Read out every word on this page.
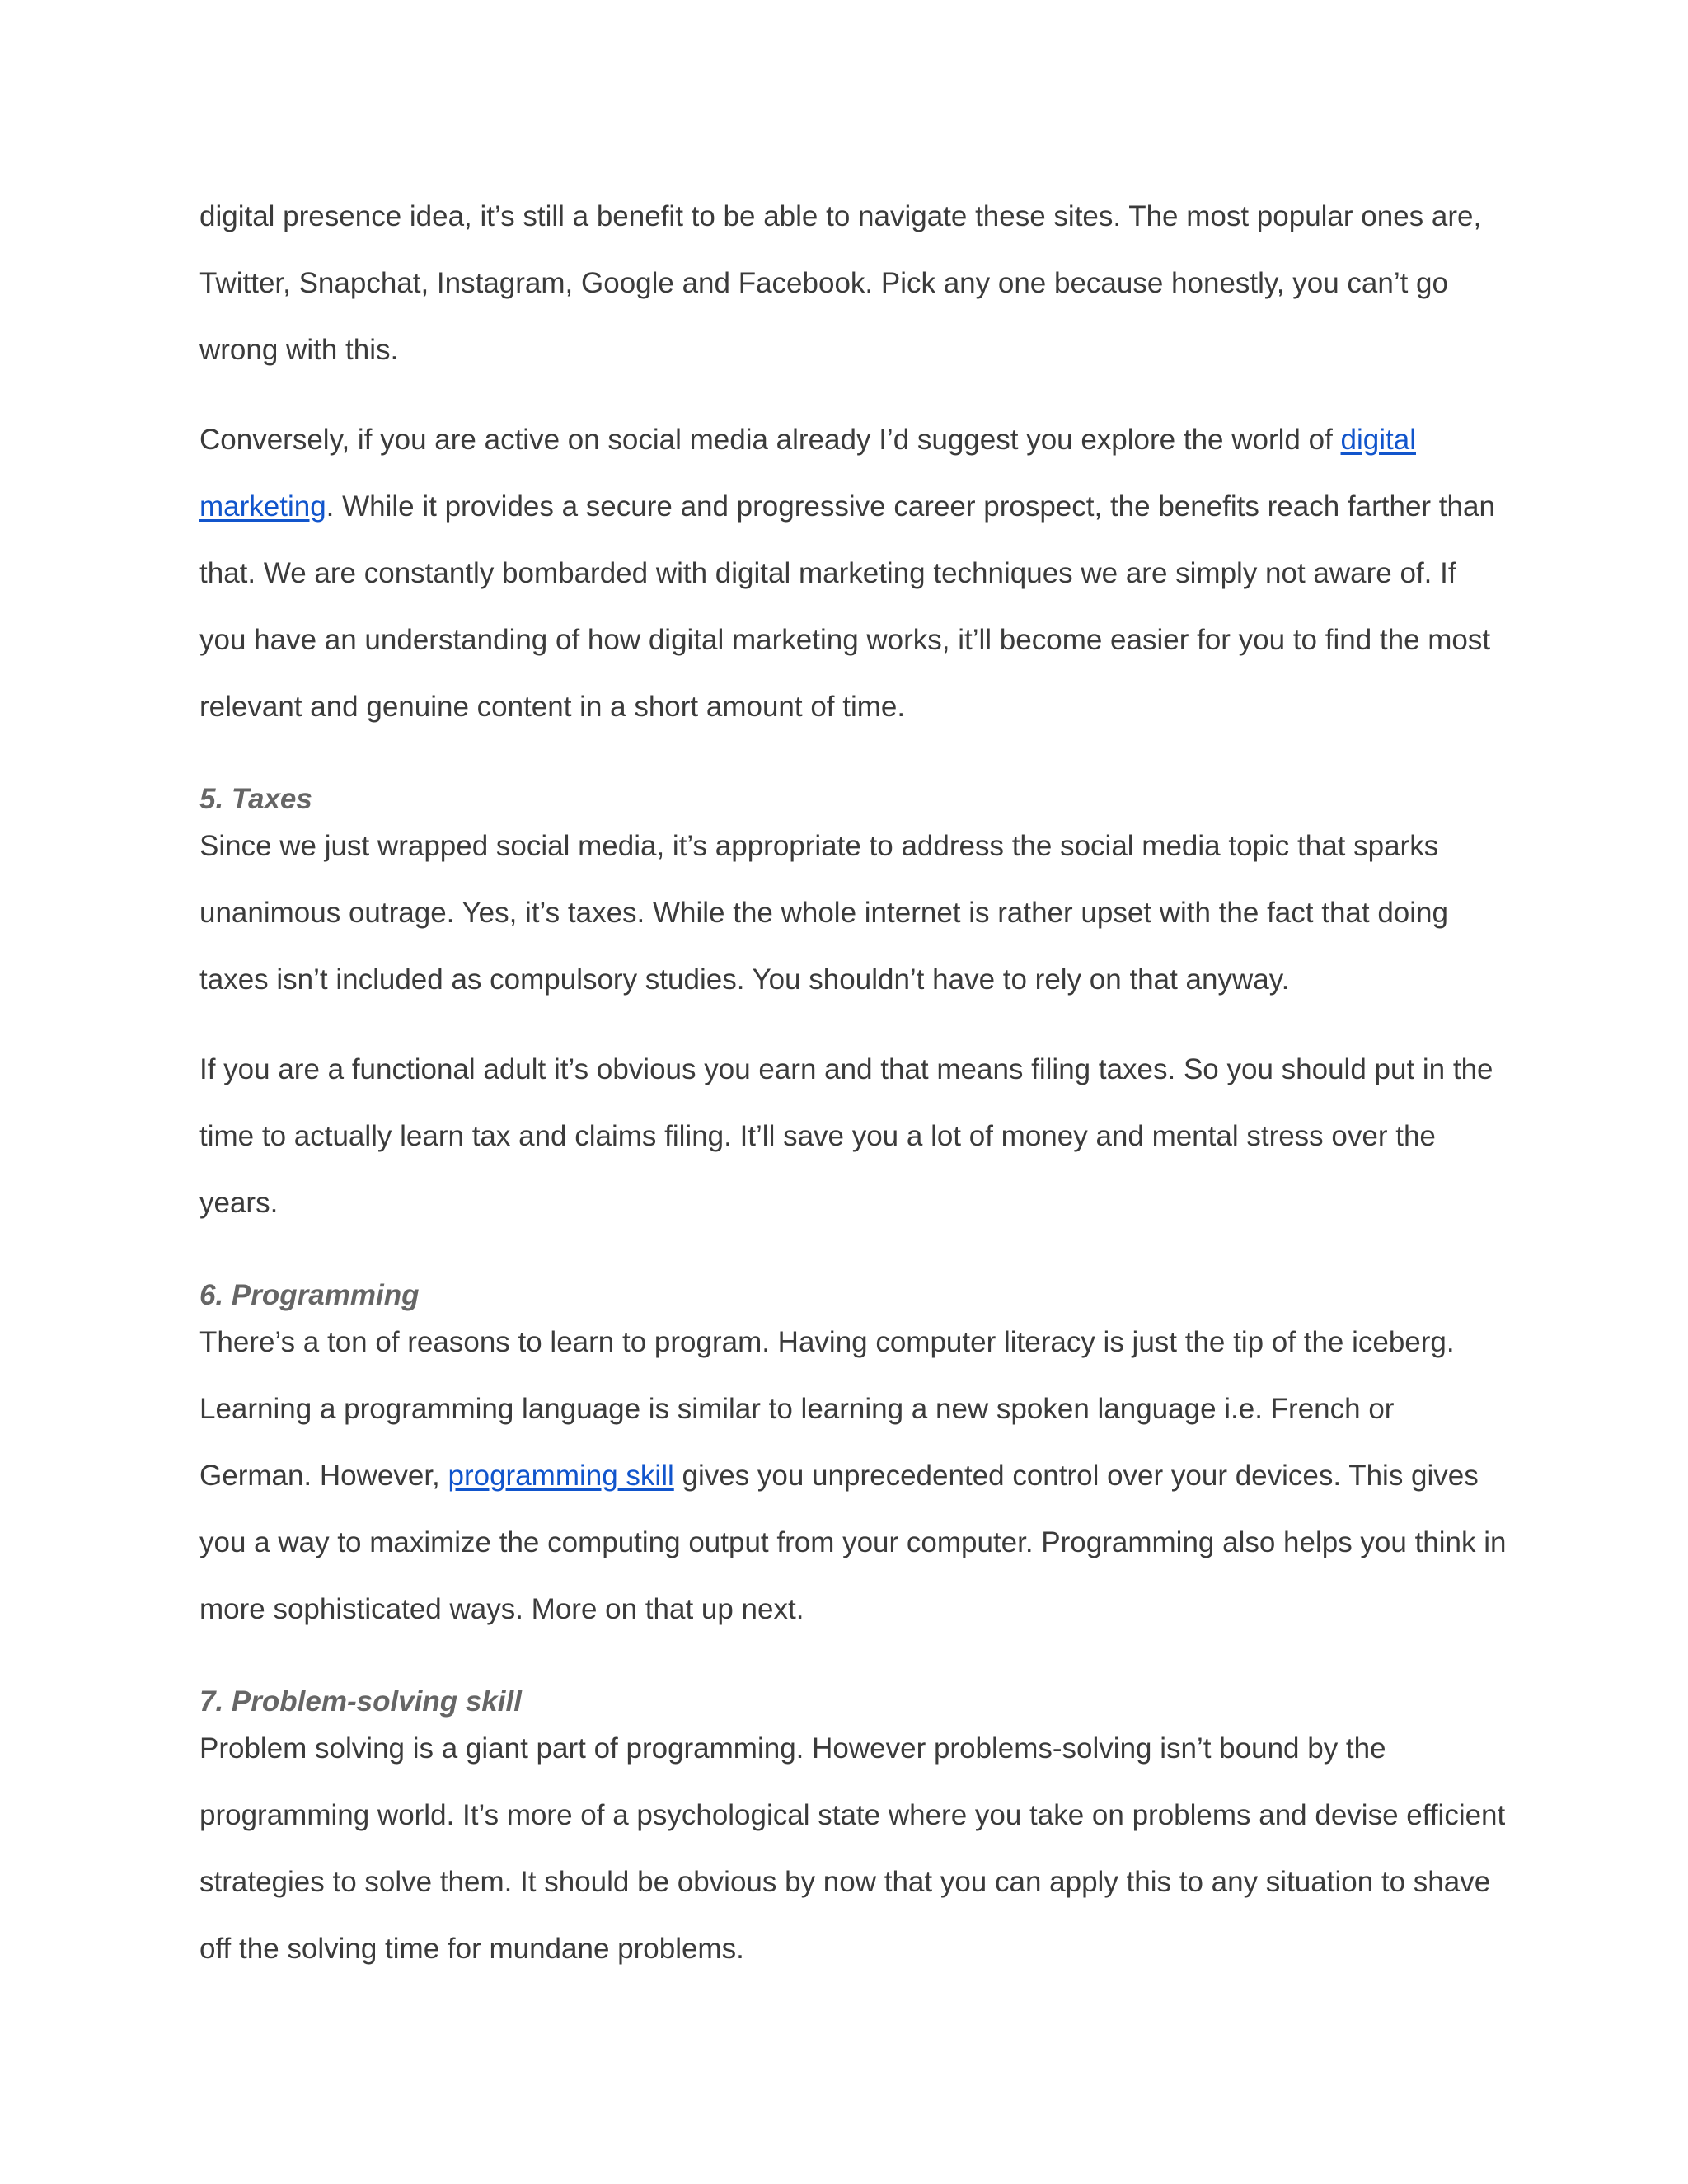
digital presence idea, it’s still a benefit to be able to navigate these sites. The most popular ones are, Twitter, Snapchat, Instagram, Google and Facebook. Pick any one because honestly, you can’t go wrong with this.

Conversely, if you are active on social media already I’d suggest you explore the world of digital marketing. While it provides a secure and progressive career prospect, the benefits reach farther than that. We are constantly bombarded with digital marketing techniques we are simply not aware of. If you have an understanding of how digital marketing works, it’ll become easier for you to find the most relevant and genuine content in a short amount of time.

5. Taxes

Since we just wrapped social media, it’s appropriate to address the social media topic that sparks unanimous outrage. Yes, it’s taxes. While the whole internet is rather upset with the fact that doing taxes isn’t included as compulsory studies. You shouldn’t have to rely on that anyway.

If you are a functional adult it’s obvious you earn and that means filing taxes. So you should put in the time to actually learn tax and claims filing. It’ll save you a lot of money and mental stress over the years.

6. Programming

There’s a ton of reasons to learn to program. Having computer literacy is just the tip of the iceberg. Learning a programming language is similar to learning a new spoken language i.e. French or German. However, programming skill gives you unprecedented control over your devices. This gives you a way to maximize the computing output from your computer. Programming also helps you think in more sophisticated ways. More on that up next.

7. Problem-solving skill

Problem solving is a giant part of programming. However problems-solving isn’t bound by the programming world. It’s more of a psychological state where you take on problems and devise efficient strategies to solve them. It should be obvious by now that you can apply this to any situation to shave off the solving time for mundane problems.
